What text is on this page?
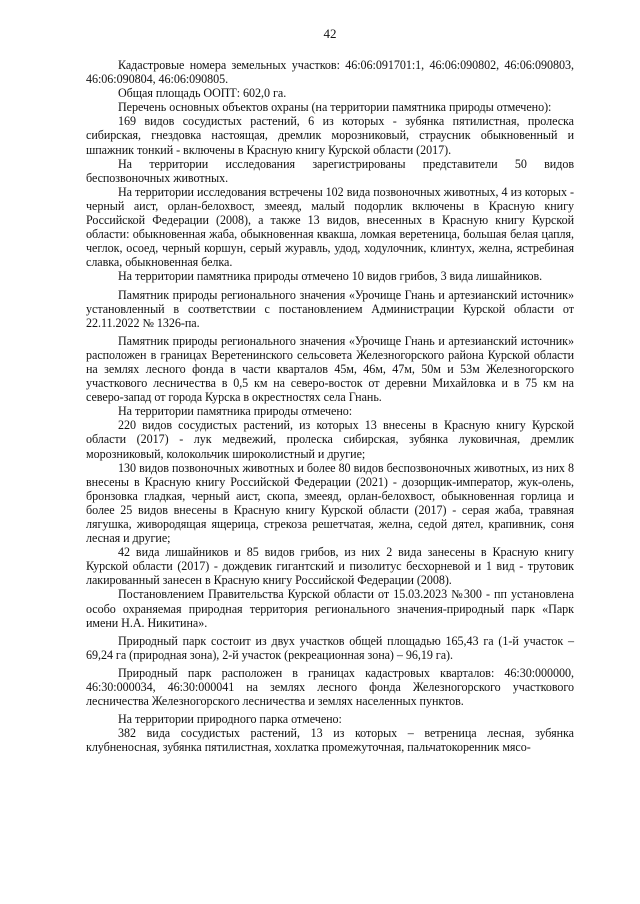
42

Кадастровые номера земельных участков: 46:06:091701:1, 46:06:090802, 46:06:090803, 46:06:090804, 46:06:090805.

Общая площадь ООПТ: 602,0 га.

Перечень основных объектов охраны (на территории памятника природы отмечено):

169 видов сосудистых растений, 6 из которых - зубянка пятилистная, пролеска сибирская, гнездовка настоящая, дремлик морозниковый, страусник обыкновенный и шпажник тонкий - включены в Красную книгу Курской области (2017).

На территории исследования зарегистрированы представители 50 видов беспозвоночных животных.

На территории исследования встречены 102 вида позвоночных животных, 4 из которых - черный аист, орлан-белохвост, змееяд, малый подорлик включены в Красную книгу Российской Федерации (2008), а также 13 видов, внесенных в Красную книгу Курской области: обыкновенная жаба, обыкновенная квакша, ломкая веретеница, большая белая цапля, чеглок, осоед, черный коршун, серый журавль, удод, ходулочник, клинтух, желна, ястребиная славка, обыкновенная белка.

На территории памятника природы отмечено 10 видов грибов, 3 вида лишайников.

Памятник природы регионального значения «Урочище Гнань и артезианский источник» установленный в соответствии с постановлением Администрации Курской области от 22.11.2022 № 1326-па.

Памятник природы регионального значения «Урочище Гнань и артезианский источник» расположен в границах Веретенинского сельсовета Железногорского района Курской области на землях лесного фонда в части кварталов 45м, 46м, 47м, 50м и 53м Железногорского участкового лесничества в 0,5 км на северо-восток от деревни Михайловка и в 75 км на северо-запад от города Курска в окрестностях села Гнань.

На территории памятника природы отмечено:

220 видов сосудистых растений, из которых 13 внесены в Красную книгу Курской области (2017) - лук медвежий, пролеска сибирская, зубянка луковичная, дремлик морозниковый, колокольчик широколистный и другие;

130 видов позвоночных животных и более 80 видов беспозвоночных животных, из них 8 внесены в Красную книгу Российской Федерации (2021) - дозорщик-император, жук-олень, бронзовка гладкая, черный аист, скопа, змееяд, орлан-белохвост, обыкновенная горлица и более 25 видов внесены в Красную книгу Курской области (2017) - серая жаба, травяная лягушка, живородящая ящерица, стрекоза решетчатая, желна, седой дятел, крапивник, соня лесная и другие;

42 вида лишайников и 85 видов грибов, из них 2 вида занесены в Красную книгу Курской области (2017) - дождевик гигантский и пизолитус бесхорневой и 1 вид - трутовик лакированный занесен в Красную книгу Российской Федерации (2008).

Постановлением Правительства Курской области от 15.03.2023 №300 - пп установлена особо охраняемая природная территория регионального значения-природный парк «Парк имени Н.А. Никитина».

Природный парк состоит из двух участков общей площадью 165,43 га (1-й участок – 69,24 га (природная зона), 2-й участок (рекреационная зона) – 96,19 га).

Природный парк расположен в границах кадастровых кварталов: 46:30:000000, 46:30:000034, 46:30:000041 на землях лесного фонда Железногорского участкового лесничества Железногорского лесничества и землях населенных пунктов.

На территории природного парка отмечено:

382 вида сосудистых растений, 13 из которых – ветреница лесная, зубянка клубненосная, зубянка пятилистная, хохлатка промежуточная, пальчатокоренник мясо-
